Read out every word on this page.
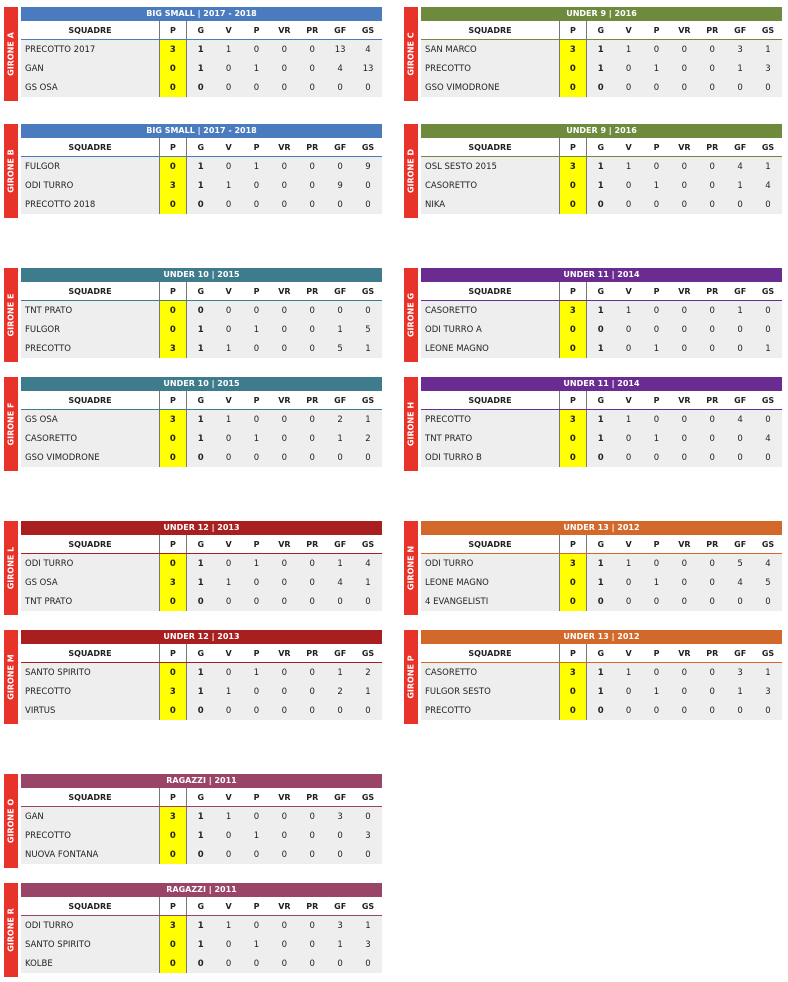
GIRONE A
BIG SMALL | 2017 - 2018
SQUADRE	P	G	V	P	VR	PR	GF	GS
PRECOTTO 2017	3	1	1	0	0	0	13	4
GAN	0	1	0	1	0	0	4	13
GS OSA	0	0	0	0	0	0	0	0
GIRONE C
UNDER 9 | 2016
SQUADRE	P	G	V	P	VR	PR	GF	GS
SAN MARCO	3	1	1	0	0	0	3	1
PRECOTTO	0	1	0	1	0	0	1	3
GSO VIMODRONE	0	0	0	0	0	0	0	0
GIRONE B
BIG SMALL | 2017 - 2018
SQUADRE	P	G	V	P	VR	PR	GF	GS
FULGOR	0	1	0	1	0	0	0	9
ODI TURRO	3	1	1	0	0	0	9	0
PRECOTTO 2018	0	0	0	0	0	0	0	0
GIRONE D
UNDER 9 | 2016
SQUADRE	P	G	V	P	VR	PR	GF	GS
OSL SESTO 2015	3	1	1	0	0	0	4	1
CASORETTO	0	1	0	1	0	0	1	4
NIKA	0	0	0	0	0	0	0	0
GIRONE E
UNDER 10 | 2015
SQUADRE	P	G	V	P	VR	PR	GF	GS
TNT PRATO	0	0	0	0	0	0	0	0
FULGOR	0	1	0	1	0	0	1	5
PRECOTTO	3	1	1	0	0	0	5	1
GIRONE G
UNDER 11 | 2014
SQUADRE	P	G	V	P	VR	PR	GF	GS
CASORETTO	3	1	1	0	0	0	1	0
ODI TURRO A	0	0	0	0	0	0	0	0
LEONE MAGNO	0	1	0	1	0	0	0	1
GIRONE F
UNDER 10 | 2015
SQUADRE	P	G	V	P	VR	PR	GF	GS
GS OSA	3	1	1	0	0	0	2	1
CASORETTO	0	1	0	1	0	0	1	2
GSO VIMODRONE	0	0	0	0	0	0	0	0
GIRONE H
UNDER 11 | 2014
SQUADRE	P	G	V	P	VR	PR	GF	GS
PRECOTTO	3	1	1	0	0	0	4	0
TNT PRATO	0	1	0	1	0	0	0	4
ODI TURRO B	0	0	0	0	0	0	0	0
GIRONE L
UNDER 12 | 2013
SQUADRE	P	G	V	P	VR	PR	GF	GS
ODI TURRO	0	1	0	1	0	0	1	4
GS OSA	3	1	1	0	0	0	4	1
TNT PRATO	0	0	0	0	0	0	0	0
GIRONE N
UNDER 13 | 2012
SQUADRE	P	G	V	P	VR	PR	GF	GS
ODI TURRO	3	1	1	0	0	0	5	4
LEONE MAGNO	0	1	0	1	0	0	4	5
4 EVANGELISTI	0	0	0	0	0	0	0	0
GIRONE M
UNDER 12 | 2013
SQUADRE	P	G	V	P	VR	PR	GF	GS
SANTO SPIRITO	0	1	0	1	0	0	1	2
PRECOTTO	3	1	1	0	0	0	2	1
VIRTUS	0	0	0	0	0	0	0	0
GIRONE P
UNDER 13 | 2012
SQUADRE	P	G	V	P	VR	PR	GF	GS
CASORETTO	3	1	1	0	0	0	3	1
FULGOR SESTO	0	1	0	1	0	0	1	3
PRECOTTO	0	0	0	0	0	0	0	0
GIRONE O
RAGAZZI | 2011
SQUADRE	P	G	V	P	VR	PR	GF	GS
GAN	3	1	1	0	0	0	3	0
PRECOTTO	0	1	0	1	0	0	0	3
NUOVA FONTANA	0	0	0	0	0	0	0	0
GIRONE R
RAGAZZI | 2011
SQUADRE	P	G	V	P	VR	PR	GF	GS
ODI TURRO	3	1	1	0	0	0	3	1
SANTO SPIRITO	0	1	0	1	0	0	1	3
KOLBE	0	0	0	0	0	0	0	0
